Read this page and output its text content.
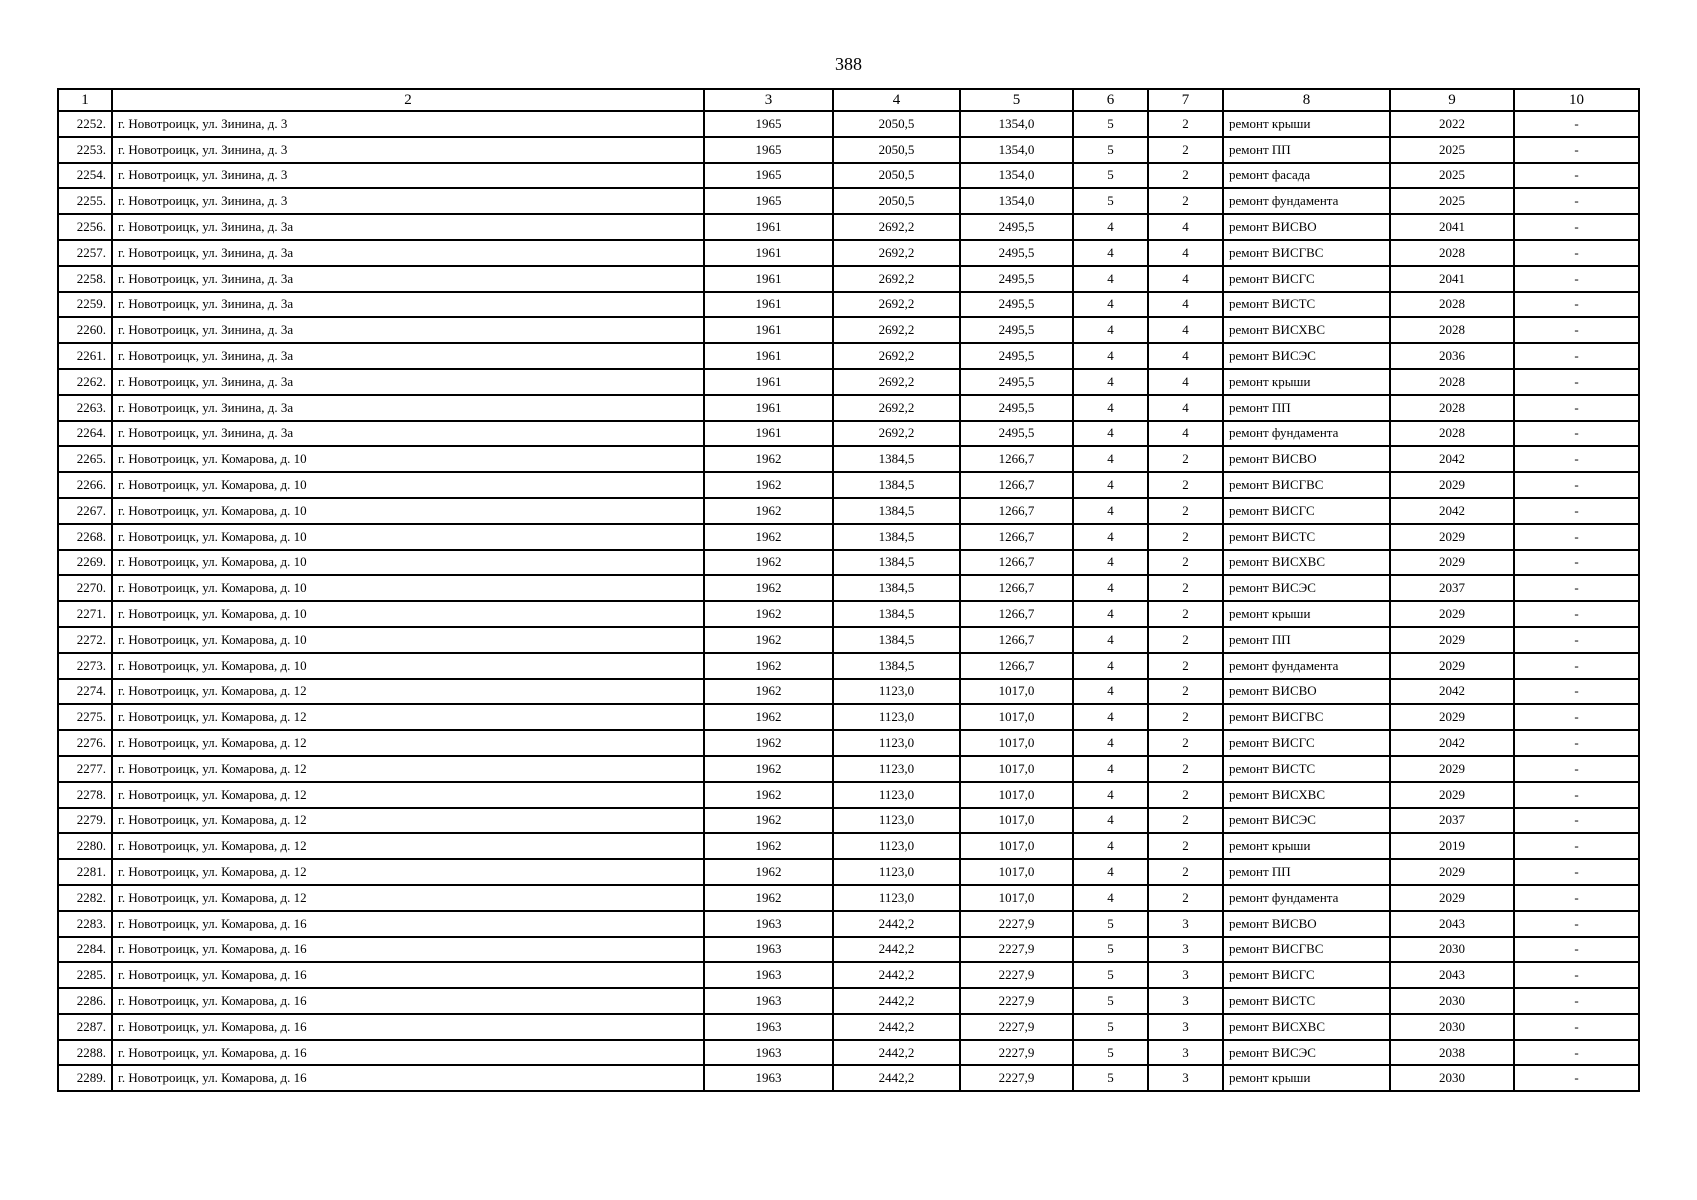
388
1	2	3	4	5	6	7	8	9	10
2252.	г. Новотроицк, ул. Зинина, д. 3	1965	2050,5	1354,0	5	2	ремонт крыши	2022	-
2253.	г. Новотроицк, ул. Зинина, д. 3	1965	2050,5	1354,0	5	2	ремонт ПП	2025	-
2254.	г. Новотроицк, ул. Зинина, д. 3	1965	2050,5	1354,0	5	2	ремонт фасада	2025	-
2255.	г. Новотроицк, ул. Зинина, д. 3	1965	2050,5	1354,0	5	2	ремонт фундамента	2025	-
2256.	г. Новотроицк, ул. Зинина, д. 3а	1961	2692,2	2495,5	4	4	ремонт ВИСВО	2041	-
2257.	г. Новотроицк, ул. Зинина, д. 3а	1961	2692,2	2495,5	4	4	ремонт ВИСГВС	2028	-
2258.	г. Новотроицк, ул. Зинина, д. 3а	1961	2692,2	2495,5	4	4	ремонт ВИСГС	2041	-
2259.	г. Новотроицк, ул. Зинина, д. 3а	1961	2692,2	2495,5	4	4	ремонт ВИСТС	2028	-
2260.	г. Новотроицк, ул. Зинина, д. 3а	1961	2692,2	2495,5	4	4	ремонт ВИСХВС	2028	-
2261.	г. Новотроицк, ул. Зинина, д. 3а	1961	2692,2	2495,5	4	4	ремонт ВИСЭС	2036	-
2262.	г. Новотроицк, ул. Зинина, д. 3а	1961	2692,2	2495,5	4	4	ремонт крыши	2028	-
2263.	г. Новотроицк, ул. Зинина, д. 3а	1961	2692,2	2495,5	4	4	ремонт ПП	2028	-
2264.	г. Новотроицк, ул. Зинина, д. 3а	1961	2692,2	2495,5	4	4	ремонт фундамента	2028	-
2265.	г. Новотроицк, ул. Комарова, д. 10	1962	1384,5	1266,7	4	2	ремонт ВИСВО	2042	-
2266.	г. Новотроицк, ул. Комарова, д. 10	1962	1384,5	1266,7	4	2	ремонт ВИСГВС	2029	-
2267.	г. Новотроицк, ул. Комарова, д. 10	1962	1384,5	1266,7	4	2	ремонт ВИСГС	2042	-
2268.	г. Новотроицк, ул. Комарова, д. 10	1962	1384,5	1266,7	4	2	ремонт ВИСТС	2029	-
2269.	г. Новотроицк, ул. Комарова, д. 10	1962	1384,5	1266,7	4	2	ремонт ВИСХВС	2029	-
2270.	г. Новотроицк, ул. Комарова, д. 10	1962	1384,5	1266,7	4	2	ремонт ВИСЭС	2037	-
2271.	г. Новотроицк, ул. Комарова, д. 10	1962	1384,5	1266,7	4	2	ремонт крыши	2029	-
2272.	г. Новотроицк, ул. Комарова, д. 10	1962	1384,5	1266,7	4	2	ремонт ПП	2029	-
2273.	г. Новотроицк, ул. Комарова, д. 10	1962	1384,5	1266,7	4	2	ремонт фундамента	2029	-
2274.	г. Новотроицк, ул. Комарова, д. 12	1962	1123,0	1017,0	4	2	ремонт ВИСВО	2042	-
2275.	г. Новотроицк, ул. Комарова, д. 12	1962	1123,0	1017,0	4	2	ремонт ВИСГВС	2029	-
2276.	г. Новотроицк, ул. Комарова, д. 12	1962	1123,0	1017,0	4	2	ремонт ВИСГС	2042	-
2277.	г. Новотроицк, ул. Комарова, д. 12	1962	1123,0	1017,0	4	2	ремонт ВИСТС	2029	-
2278.	г. Новотроицк, ул. Комарова, д. 12	1962	1123,0	1017,0	4	2	ремонт ВИСХВС	2029	-
2279.	г. Новотроицк, ул. Комарова, д. 12	1962	1123,0	1017,0	4	2	ремонт ВИСЭС	2037	-
2280.	г. Новотроицк, ул. Комарова, д. 12	1962	1123,0	1017,0	4	2	ремонт крыши	2019	-
2281.	г. Новотроицк, ул. Комарова, д. 12	1962	1123,0	1017,0	4	2	ремонт ПП	2029	-
2282.	г. Новотроицк, ул. Комарова, д. 12	1962	1123,0	1017,0	4	2	ремонт фундамента	2029	-
2283.	г. Новотроицк, ул. Комарова, д. 16	1963	2442,2	2227,9	5	3	ремонт ВИСВО	2043	-
2284.	г. Новотроицк, ул. Комарова, д. 16	1963	2442,2	2227,9	5	3	ремонт ВИСГВС	2030	-
2285.	г. Новотроицк, ул. Комарова, д. 16	1963	2442,2	2227,9	5	3	ремонт ВИСГС	2043	-
2286.	г. Новотроицк, ул. Комарова, д. 16	1963	2442,2	2227,9	5	3	ремонт ВИСТС	2030	-
2287.	г. Новотроицк, ул. Комарова, д. 16	1963	2442,2	2227,9	5	3	ремонт ВИСХВС	2030	-
2288.	г. Новотроицк, ул. Комарова, д. 16	1963	2442,2	2227,9	5	3	ремонт ВИСЭС	2038	-
2289.	г. Новотроицк, ул. Комарова, д. 16	1963	2442,2	2227,9	5	3	ремонт крыши	2030	-
